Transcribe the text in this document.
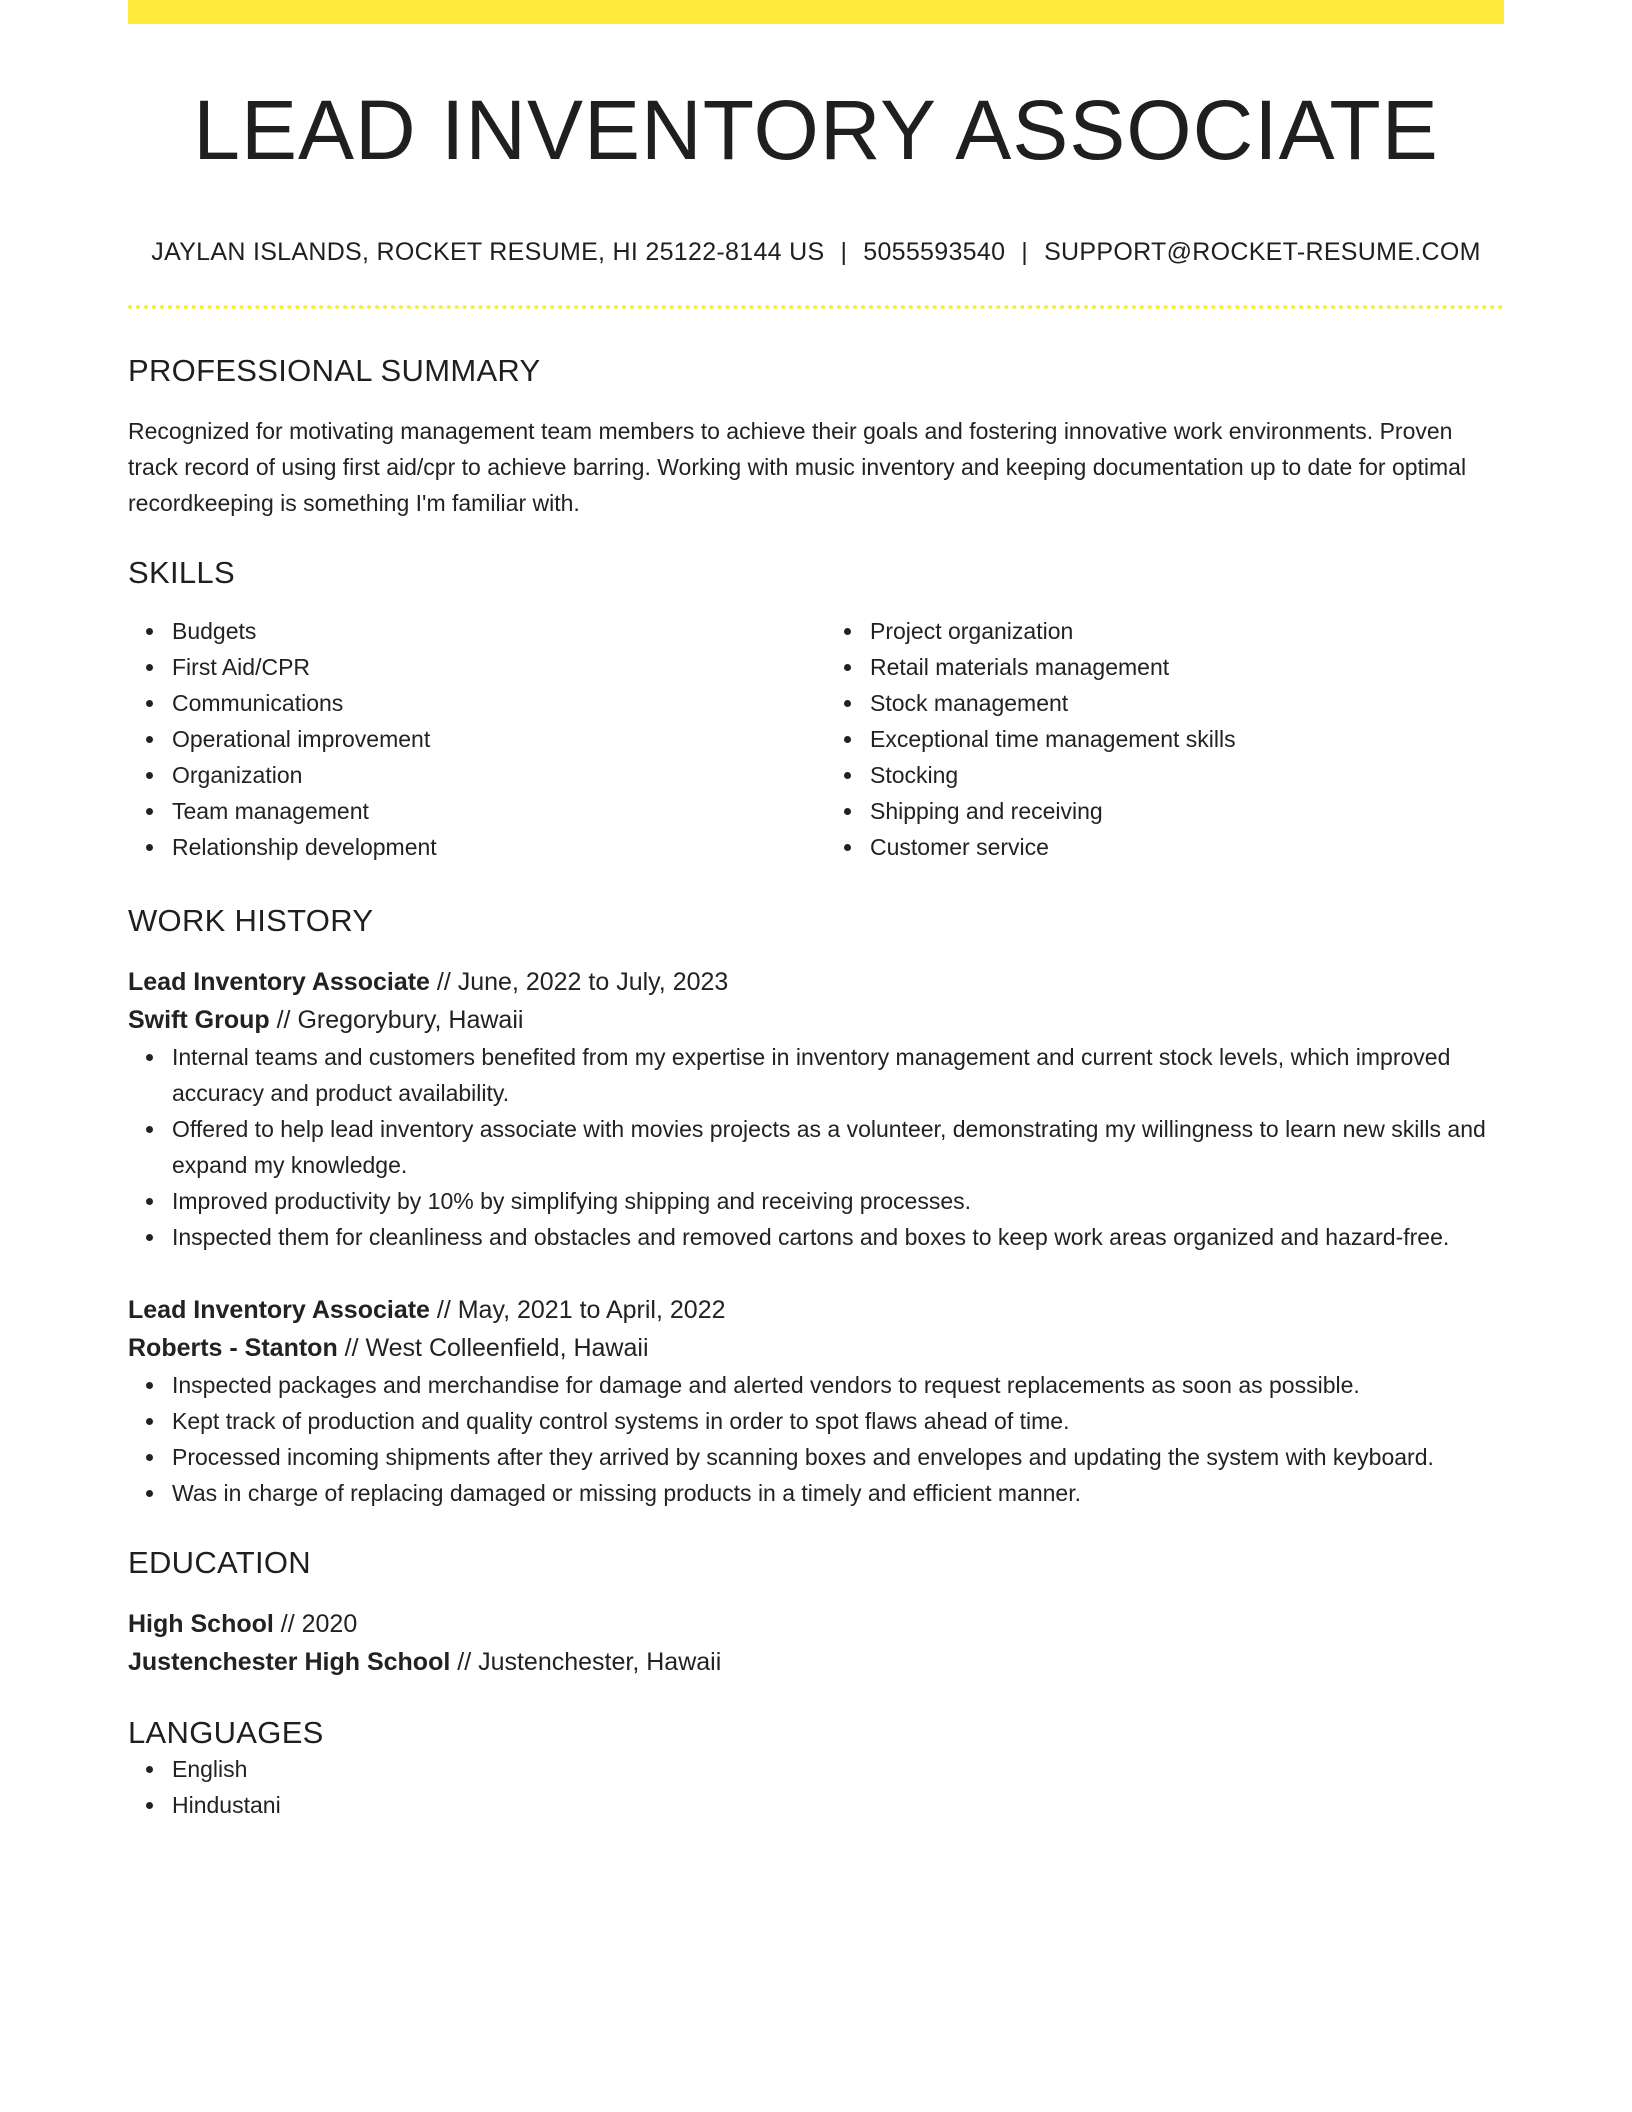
LEAD INVENTORY ASSOCIATE
JAYLAN ISLANDS, ROCKET RESUME, HI 25122-8144 US | 5055593540 | SUPPORT@ROCKET-RESUME.COM
PROFESSIONAL SUMMARY
Recognized for motivating management team members to achieve their goals and fostering innovative work environments. Proven track record of using first aid/cpr to achieve barring. Working with music inventory and keeping documentation up to date for optimal recordkeeping is something I'm familiar with.
SKILLS
Budgets
First Aid/CPR
Communications
Operational improvement
Organization
Team management
Relationship development
Project organization
Retail materials management
Stock management
Exceptional time management skills
Stocking
Shipping and receiving
Customer service
WORK HISTORY
Lead Inventory Associate // June, 2022 to July, 2023
Swift Group // Gregorybury, Hawaii
Internal teams and customers benefited from my expertise in inventory management and current stock levels, which improved accuracy and product availability.
Offered to help lead inventory associate with movies projects as a volunteer, demonstrating my willingness to learn new skills and expand my knowledge.
Improved productivity by 10% by simplifying shipping and receiving processes.
Inspected them for cleanliness and obstacles and removed cartons and boxes to keep work areas organized and hazard-free.
Lead Inventory Associate // May, 2021 to April, 2022
Roberts - Stanton // West Colleenfield, Hawaii
Inspected packages and merchandise for damage and alerted vendors to request replacements as soon as possible.
Kept track of production and quality control systems in order to spot flaws ahead of time.
Processed incoming shipments after they arrived by scanning boxes and envelopes and updating the system with keyboard.
Was in charge of replacing damaged or missing products in a timely and efficient manner.
EDUCATION
High School // 2020
Justenchester High School // Justenchester, Hawaii
LANGUAGES
English
Hindustani
